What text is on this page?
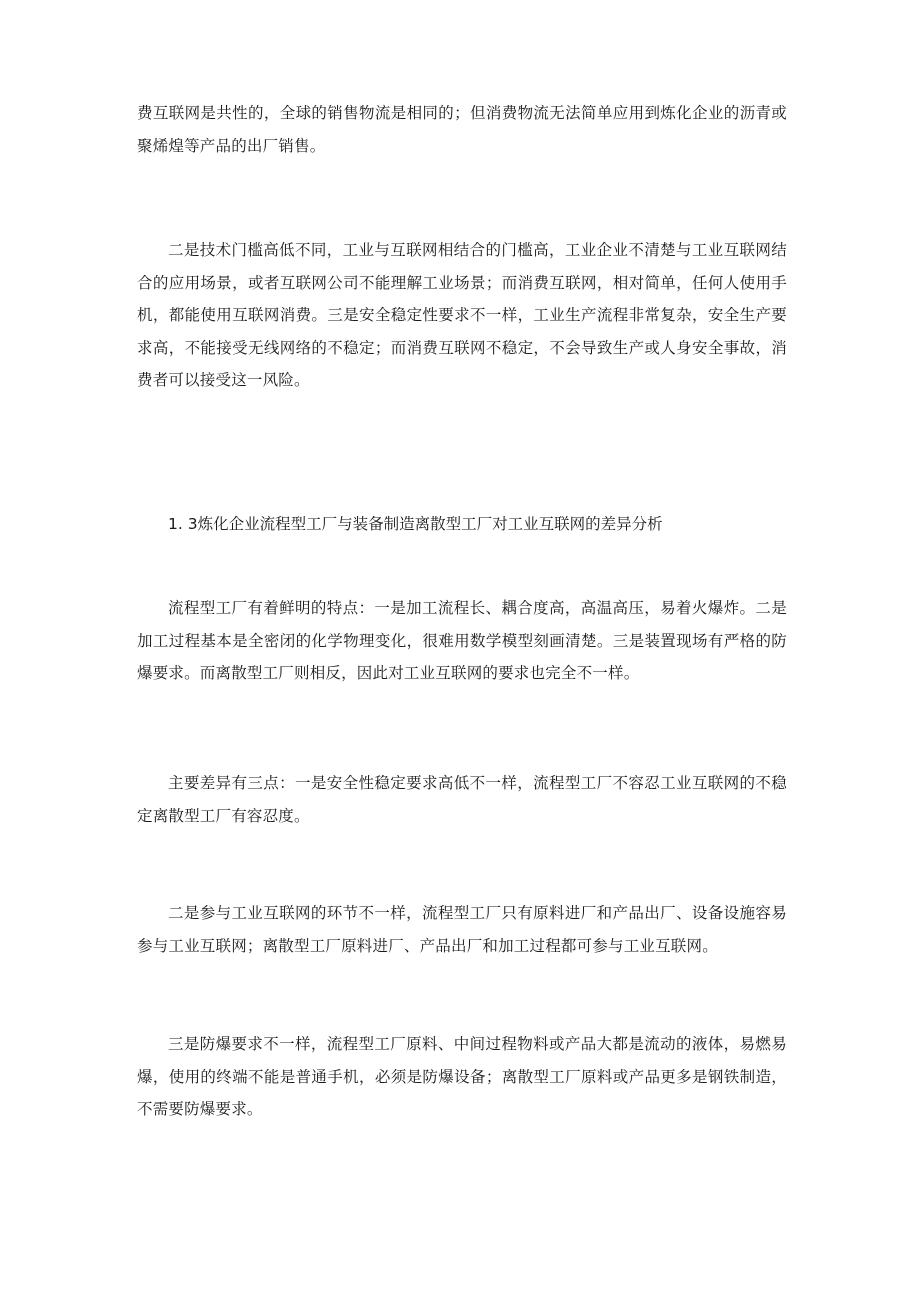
费互联网是共性的，全球的销售物流是相同的；但消费物流无法简单应用到炼化企业的沥青或聚烯煌等产品的出厂销售。

二是技术门槛高低不同，工业与互联网相结合的门槛高，工业企业不清楚与工业互联网结合的应用场景，或者互联网公司不能理解工业场景；而消费互联网，相对简单，任何人使用手机，都能使用互联网消费。三是安全稳定性要求不一样，工业生产流程非常复杂，安全生产要求高，不能接受无线网络的不稳定；而消费互联网不稳定，不会导致生产或人身安全事故，消费者可以接受这一风险。

1. 3炼化企业流程型工厂与装备制造离散型工厂对工业互联网的差异分析

流程型工厂有着鲜明的特点：一是加工流程长、耦合度高，高温高压，易着火爆炸。二是加工过程基本是全密闭的化学物理变化，很难用数学模型刻画清楚。三是装置现场有严格的防爆要求。而离散型工厂则相反，因此对工业互联网的要求也完全不一样。

主要差异有三点：一是安全性稳定要求高低不一样，流程型工厂不容忍工业互联网的不稳定离散型工厂有容忍度。

二是参与工业互联网的环节不一样，流程型工厂只有原料进厂和产品出厂、设备设施容易参与工业互联网；离散型工厂原料进厂、产品出厂和加工过程都可参与工业互联网。

三是防爆要求不一样，流程型工厂原料、中间过程物料或产品大都是流动的液体，易燃易爆，使用的终端不能是普通手机，必须是防爆设备；离散型工厂原料或产品更多是钢铁制造，不需要防爆要求。
